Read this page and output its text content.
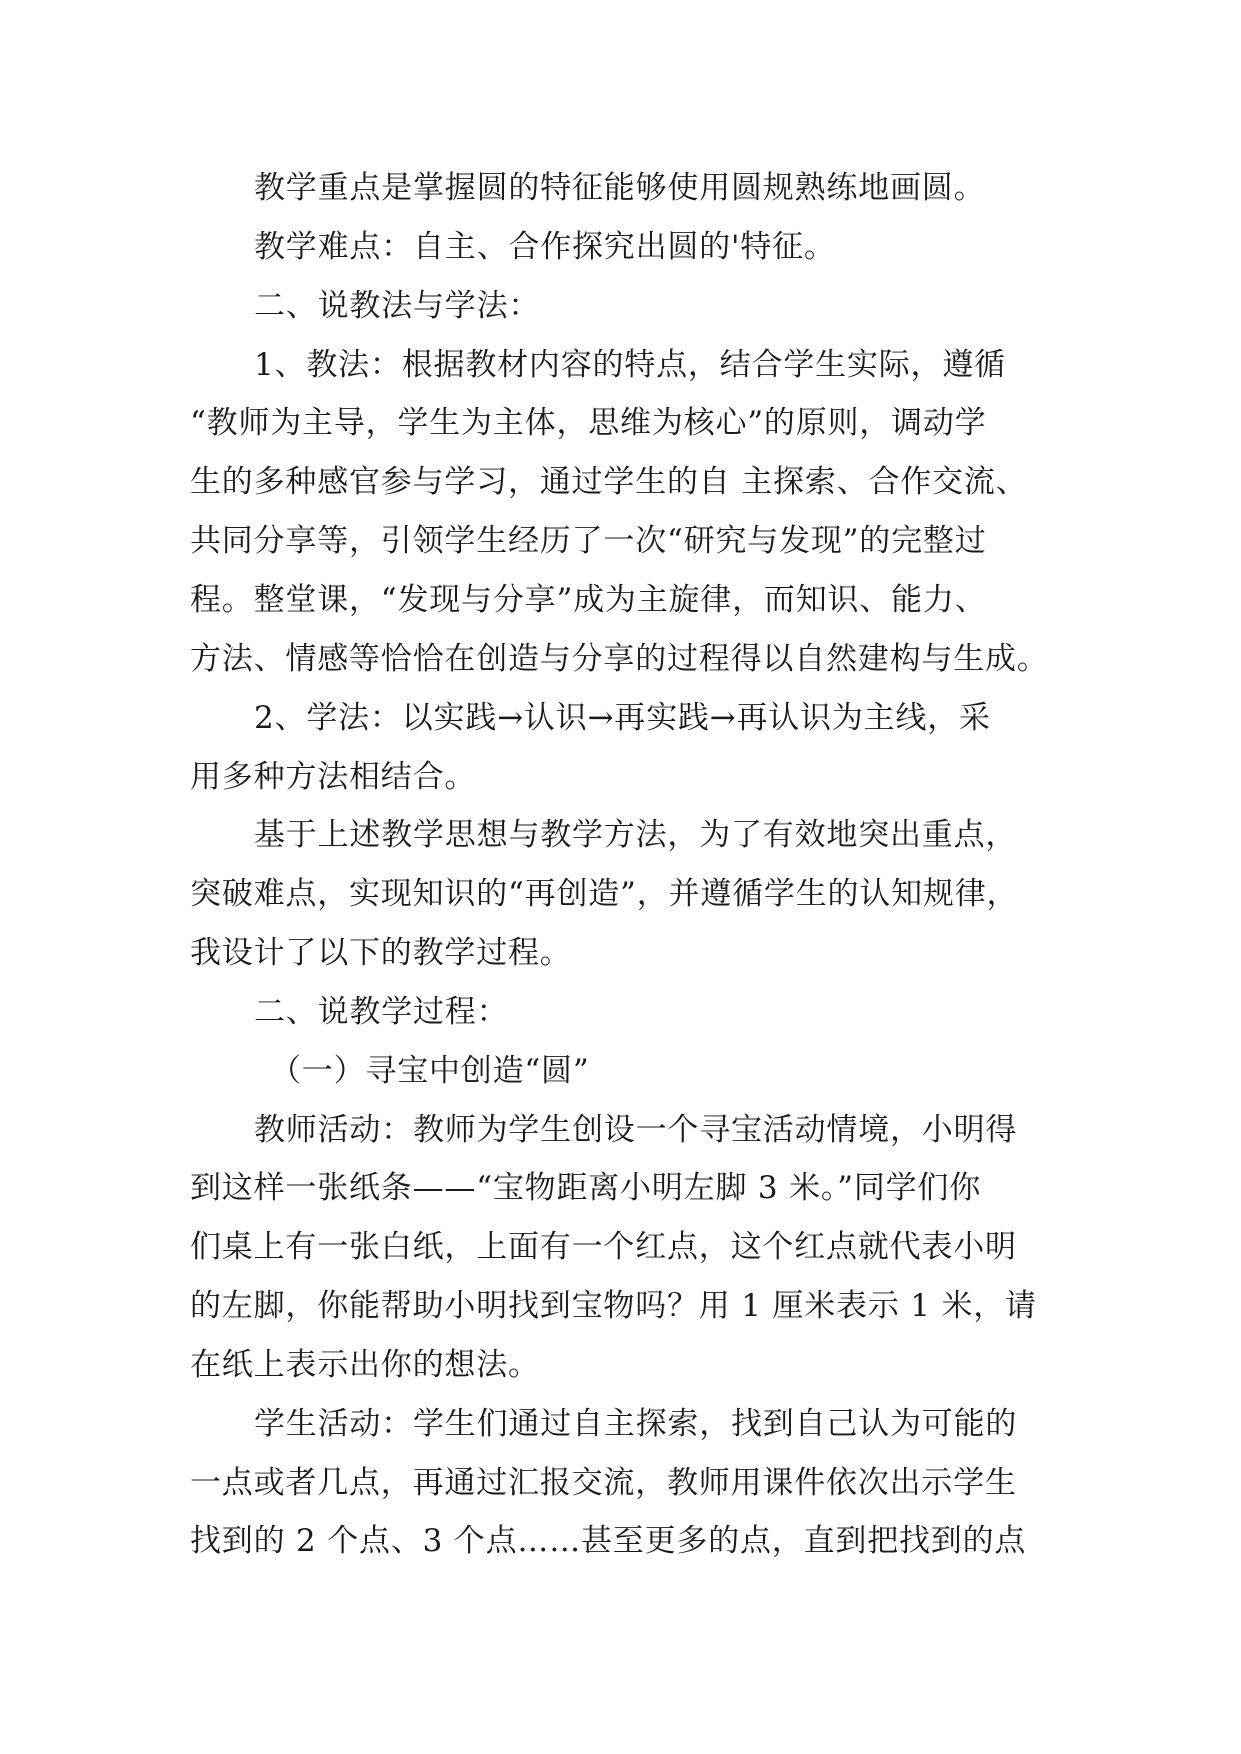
教学重点是掌握圆的特征能够使用圆规熟练地画圆。
教学难点：自主、合作探究出圆的'特征。
二、说教法与学法：
1、教法：根据教材内容的特点，结合学生实际，遵循
“教师为主导，学生为主体，思维为核心”的原则，调动学
生的多种感官参与学习，通过学生的自 主探索、合作交流、
共同分享等，引领学生经历了一次“研究与发现”的完整过
程。整堂课，“发现与分享”成为主旋律，而知识、能力、
方法、情感等恰恰在创造与分享的过程得以自然建构与生成。
2、学法：以实践→认识→再实践→再认识为主线，采
用多种方法相结合。
基于上述教学思想与教学方法，为了有效地突出重点，
突破难点，实现知识的“再创造”，并遵循学生的认知规律，
我设计了以下的教学过程。
二、说教学过程：
（一）寻宝中创造“圆”
教师活动：教师为学生创设一个寻宝活动情境，小明得
到这样一张纸条——“宝物距离小明左脚 3 米。”同学们你
们桌上有一张白纸，上面有一个红点，这个红点就代表小明
的左脚，你能帮助小明找到宝物吗？用 1 厘米表示 1 米，请
在纸上表示出你的想法。
学生活动：学生们通过自主探索，找到自己认为可能的
一点或者几点，再通过汇报交流，教师用课件依次出示学生
找到的 2 个点、3 个点……甚至更多的点，直到把找到的点
